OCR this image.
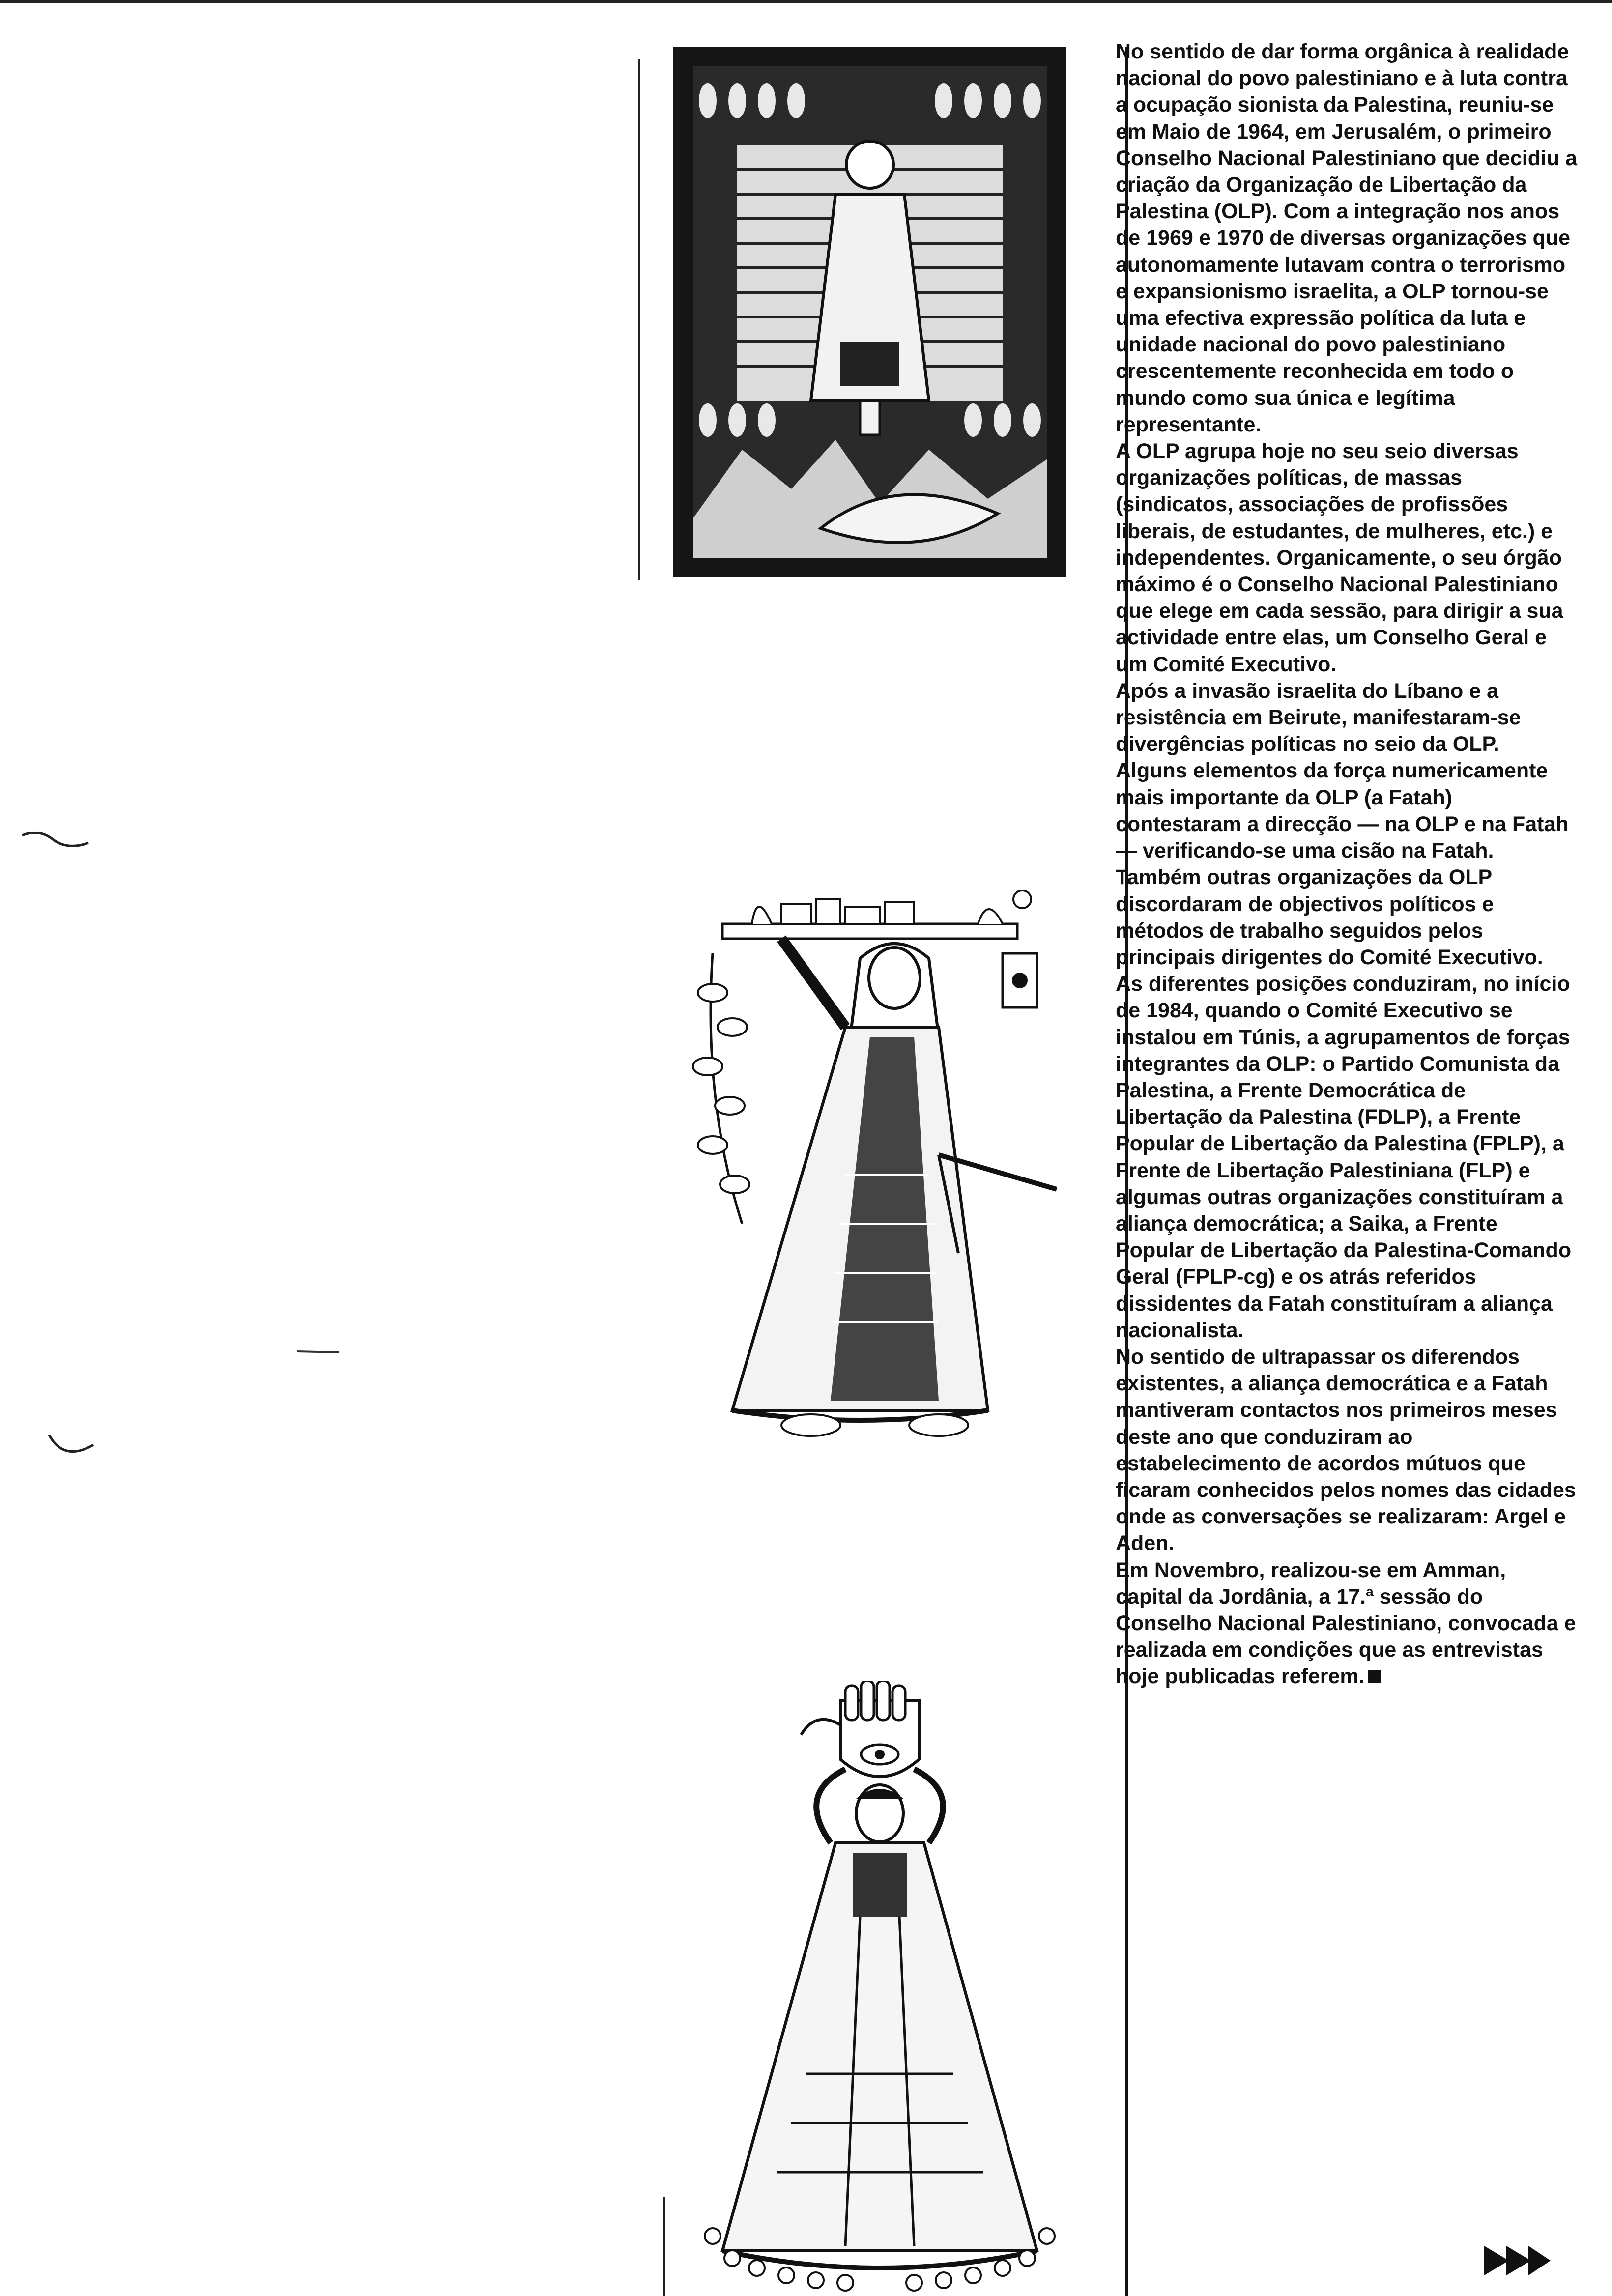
No sentido de dar forma orgânica à realidade nacional do povo palestiniano e à luta contra a ocupação sionista da Palestina, reuniu-se em Maio de 1964, em Jerusalém, o primeiro Conselho Nacional Palestiniano que decidiu a criação da Organização de Libertação da Palestina (OLP). Com a integração nos anos de 1969 e 1970 de diversas organizações que autonomamente lutavam contra o terrorismo e expansionismo israelita, a OLP tornou-se uma efectiva expressão política da luta e unidade nacional do povo palestiniano crescentemente reconhecida em todo o mundo como sua única e legítima representante.

A OLP agrupa hoje no seu seio diversas organizações políticas, de massas (sindicatos, associações de profissões liberais, de estudantes, de mulheres, etc.) e independentes. Organicamente, o seu órgão máximo é o Conselho Nacional Palestiniano que elege em cada sessão, para dirigir a sua actividade entre elas, um Conselho Geral e um Comité Executivo.

Após a invasão israelita do Líbano e a resistência em Beirute, manifestaram-se divergências políticas no seio da OLP.

Alguns elementos da força numericamente mais importante da OLP (a Fatah) contestaram a direcção — na OLP e na Fatah — verificando-se uma cisão na Fatah. Também outras organizações da OLP discordaram de objectivos políticos e métodos de trabalho seguidos pelos principais dirigentes do Comité Executivo.

As diferentes posições conduziram, no início de 1984, quando o Comité Executivo se instalou em Túnis, a agrupamentos de forças integrantes da OLP: o Partido Comunista da Palestina, a Frente Democrática de Libertação da Palestina (FDLP), a Frente Popular de Libertação da Palestina (FPLP), a Frente de Libertação Palestiniana (FLP) e algumas outras organizações constituíram a aliança democrática; a Saika, a Frente Popular de Libertação da Palestina-Comando Geral (FPLP-cg) e os atrás referidos dissidentes da Fatah constituíram a aliança nacionalista.

No sentido de ultrapassar os diferendos existentes, a aliança democrática e a Fatah mantiveram contactos nos primeiros meses deste ano que conduziram ao estabelecimento de acordos mútuos que ficaram conhecidos pelos nomes das cidades onde as conversações se realizaram: Argel e Aden.

Em Novembro, realizou-se em Amman, capital da Jordânia, a 17.ª sessão do Conselho Nacional Palestiniano, convocada e realizada em condições que as entrevistas hoje publicadas referem.
